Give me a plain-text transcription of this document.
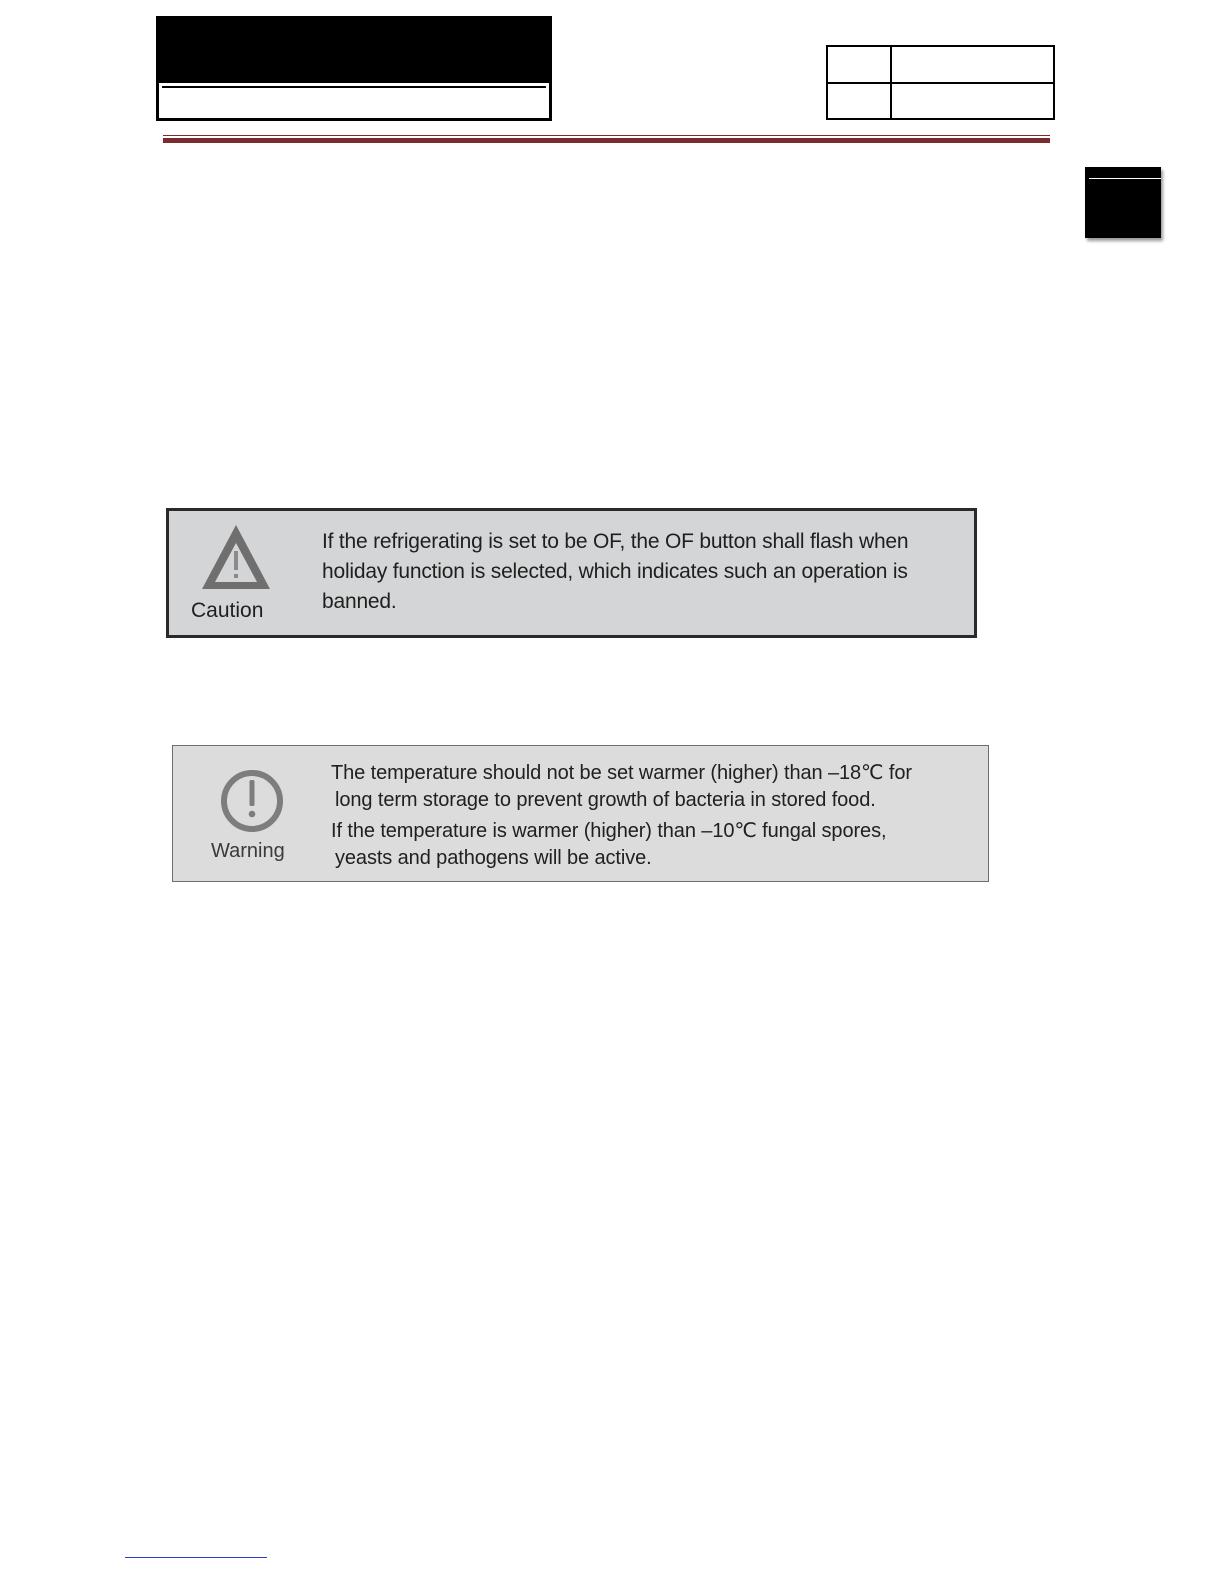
Caution
If the refrigerating is set to be OF, the OF button shall flash when
holiday function is selected, which indicates such an operation is
banned.
Warning

The temperature should not be set warmer (higher) than –18℃ for

long term storage to prevent growth of bacteria in stored food.

If the temperature is warmer (higher) than –10℃ fungal spores,

yeasts and pathogens will be active.
